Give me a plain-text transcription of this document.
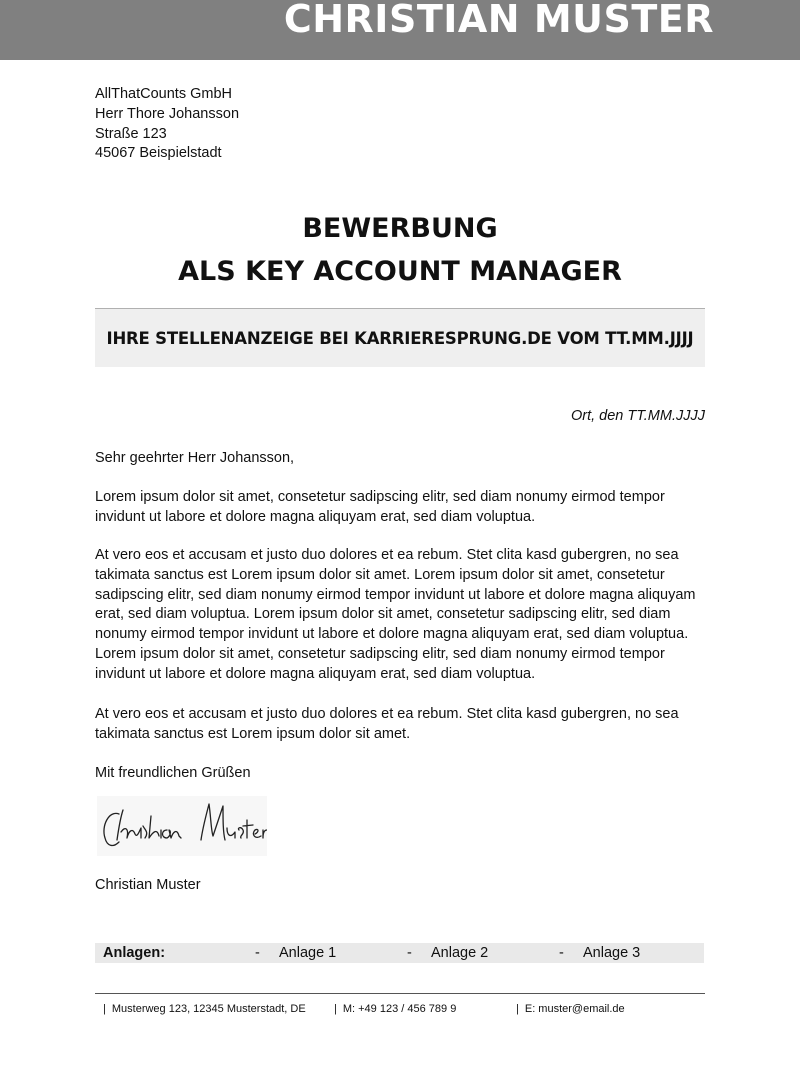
CHRISTIAN MUSTER
AllThatCounts GmbH
Herr Thore Johansson
Straße 123
45067 Beispielstadt
BEWERBUNG
ALS KEY ACCOUNT MANAGER
IHRE STELLENANZEIGE BEI KARRIERESPRUNG.DE VOM TT.MM.JJJJ
Ort, den TT.MM.JJJJ

Sehr geehrter Herr Johansson,

Lorem ipsum dolor sit amet, consetetur sadipscing elitr, sed diam nonumy eirmod tempor invidunt ut labore et dolore magna aliquyam erat, sed diam voluptua.

At vero eos et accusam et justo duo dolores et ea rebum. Stet clita kasd gubergren, no sea takimata sanctus est Lorem ipsum dolor sit amet. Lorem ipsum dolor sit amet, consetetur sadipscing elitr, sed diam nonumy eirmod tempor invidunt ut labore et dolore magna aliquyam erat, sed diam voluptua. Lorem ipsum dolor sit amet, consetetur sadipscing elitr, sed diam nonumy eirmod tempor invidunt ut labore et dolore magna aliquyam erat, sed diam voluptua. Lorem ipsum dolor sit amet, consetetur sadipscing elitr, sed diam nonumy eirmod tempor invidunt ut labore et dolore magna aliquyam erat, sed diam voluptua.

At vero eos et accusam et justo duo dolores et ea rebum. Stet clita kasd gubergren, no sea takimata sanctus est Lorem ipsum dolor sit amet.

Mit freundlichen Grüßen

Christian Muster
Anlagen:	- Anlage 1	- Anlage 2	- Anlage 3
| Musterweg 123, 12345 Musterstadt, DE	| M: +49 123 / 456 789 9	| E: muster@email.de
